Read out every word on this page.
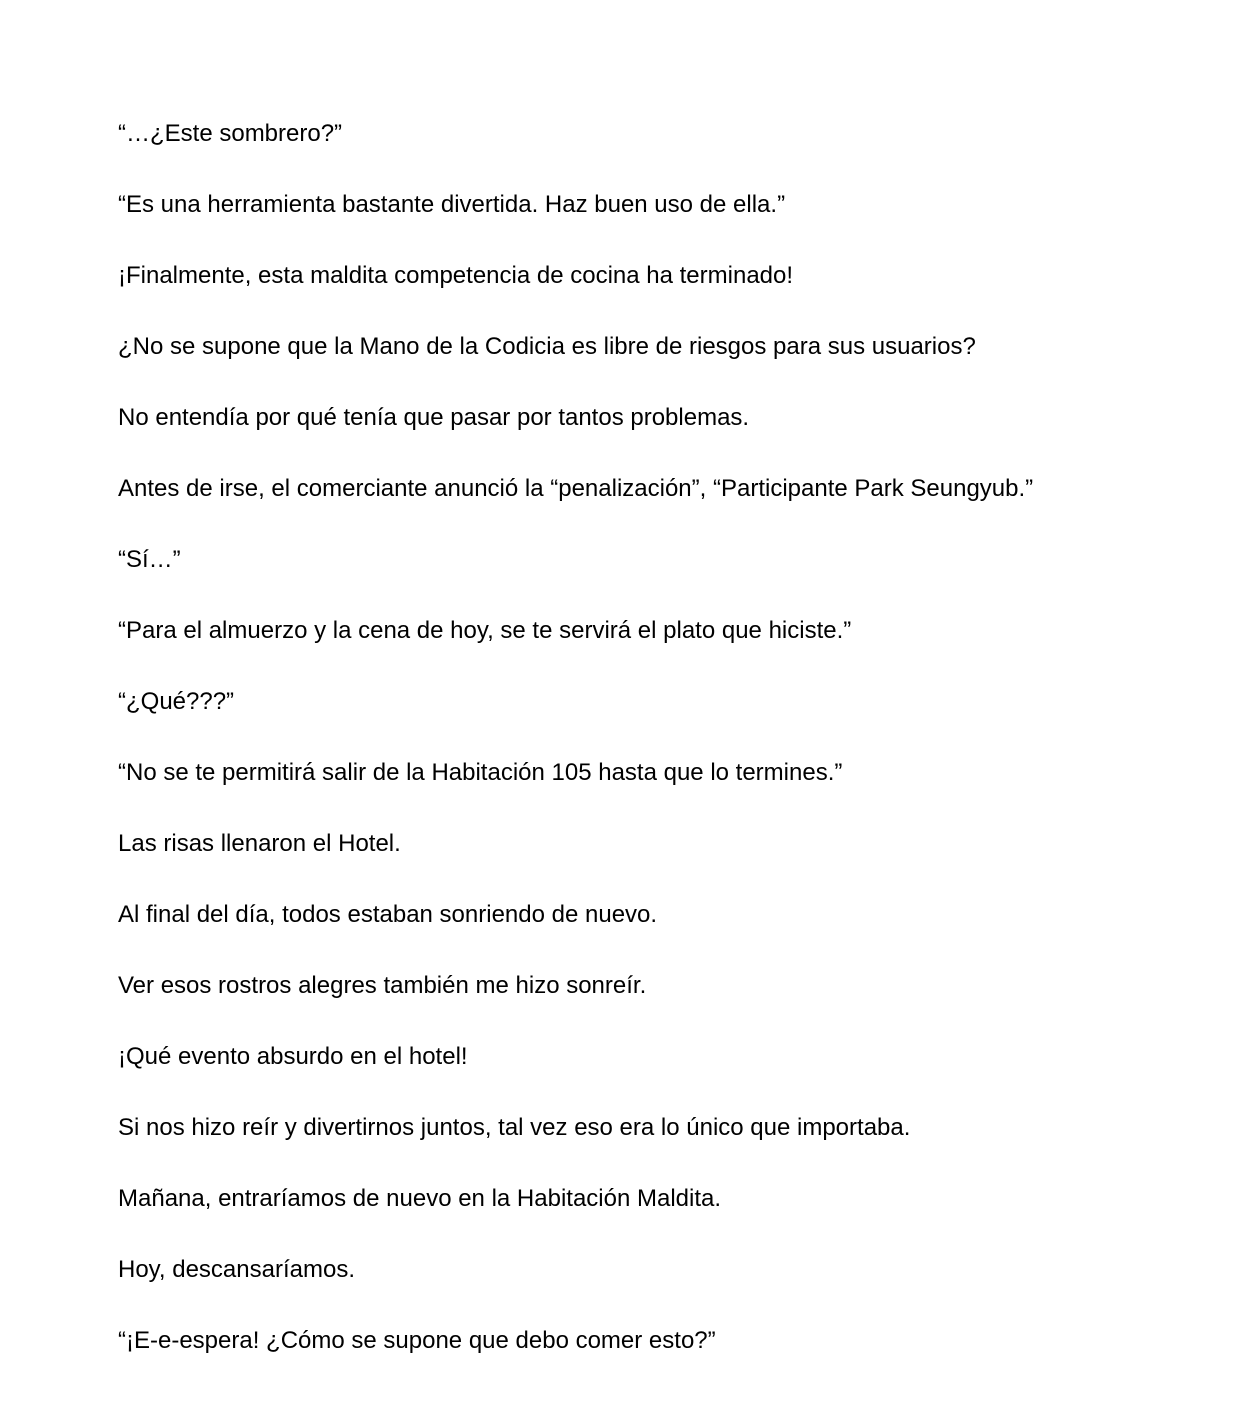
“…¿Este sombrero?”

“Es una herramienta bastante divertida. Haz buen uso de ella.”

¡Finalmente, esta maldita competencia de cocina ha terminado!

¿No se supone que la Mano de la Codicia es libre de riesgos para sus usuarios?

No entendía por qué tenía que pasar por tantos problemas.

Antes de irse, el comerciante anunció la “penalización”, “Participante Park Seungyub.”

“Sí…”

“Para el almuerzo y la cena de hoy, se te servirá el plato que hiciste.”

“¿Qué???”

“No se te permitirá salir de la Habitación 105 hasta que lo termines.”

Las risas llenaron el Hotel.

Al final del día, todos estaban sonriendo de nuevo.

Ver esos rostros alegres también me hizo sonreír.

¡Qué evento absurdo en el hotel!

Si nos hizo reír y divertirnos juntos, tal vez eso era lo único que importaba.

Mañana, entraríamos de nuevo en la Habitación Maldita.

Hoy, descansaríamos.

“¡E-e-espera! ¿Cómo se supone que debo comer esto?”
